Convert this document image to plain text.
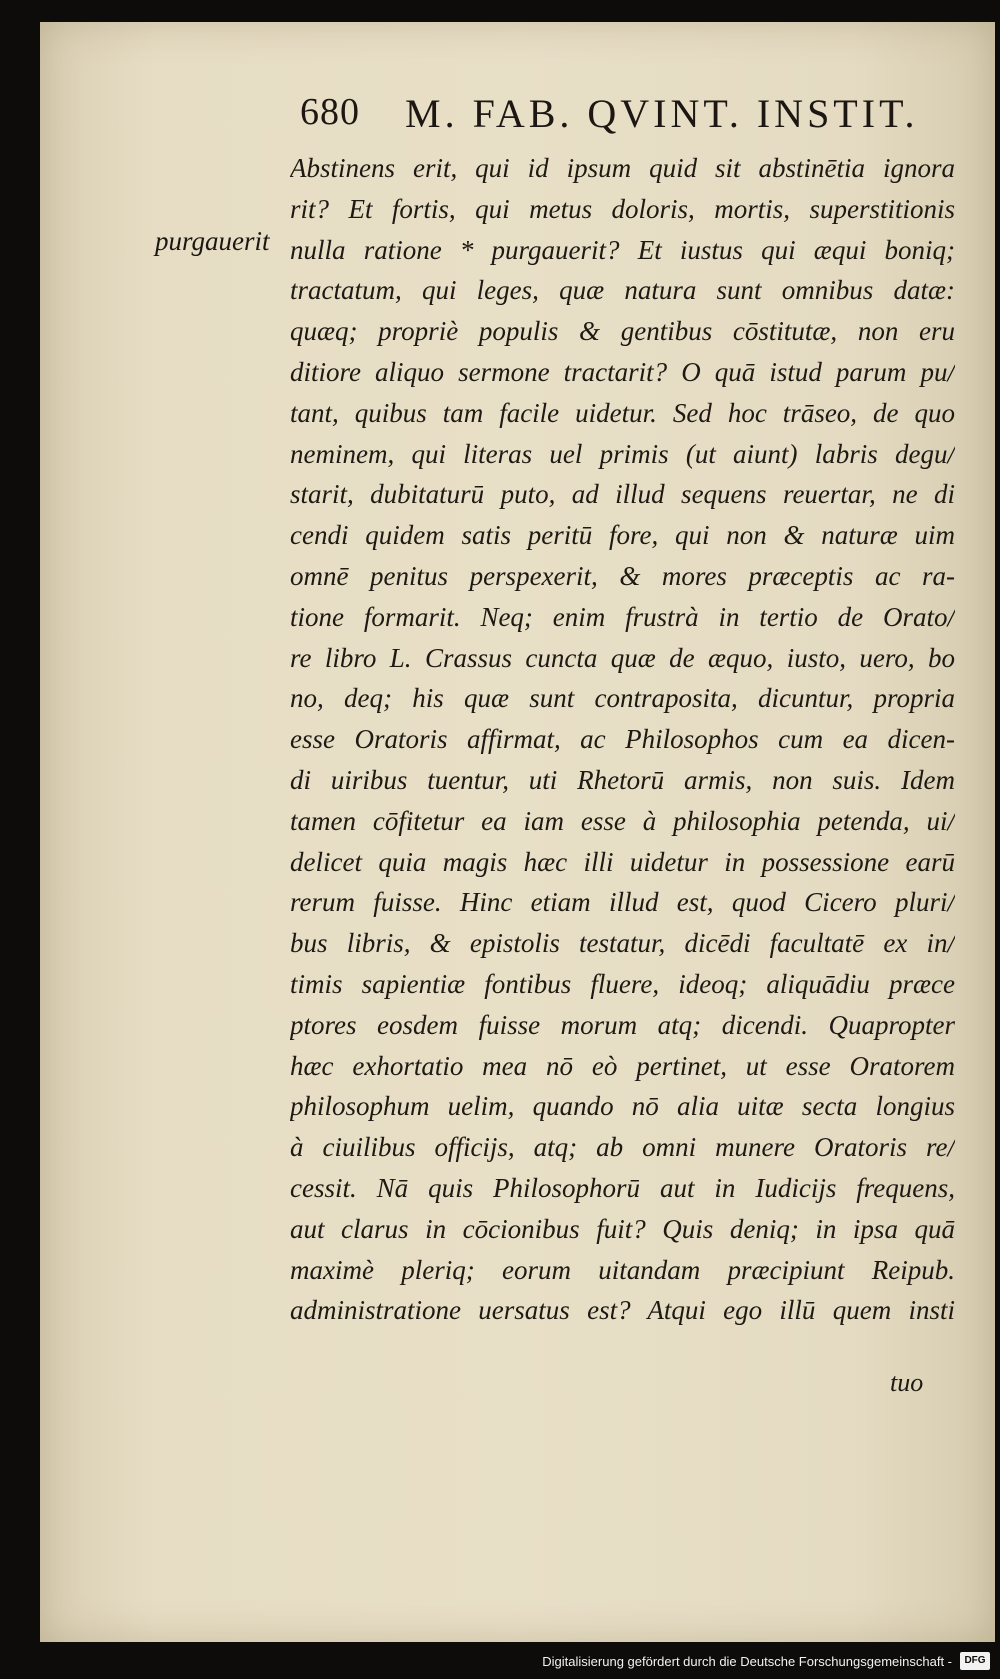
680 M. FAB. QVINT. INSTIT.
purgauerit
Abstinens erit, qui id ipsum quid sit abstinētia ignora
rit? Et fortis, qui metus doloris, mortis, superstitionis
nulla ratione * purgauerit? Et iustus qui æqui boniq;
tractatum, qui leges, quæ natura sunt omnibus datæ:
quæq; propriè populis & gentibus cōstitutæ, non eru
ditiore aliquo sermone tractarit? O quā istud parum pu/
tant, quibus tam facile uidetur. Sed hoc trāseo, de quo
neminem, qui literas uel primis (ut aiunt) labris degu/
starit, dubitaturū puto, ad illud sequens reuertar, ne di
cendi quidem satis peritū fore, qui non & naturæ uim
omnē penitus perspexerit, & mores præceptis ac ra-
tione formarit. Neq; enim frustrà in tertio de Orato/
re libro L. Crassus cuncta quæ de æquo, iusto, uero, bo
no, deq; his quæ sunt contraposita, dicuntur, propria
esse Oratoris affirmat, ac Philosophos cum ea dicen-
di uiribus tuentur, uti Rhetorū armis, non suis. Idem
tamen cōfitetur ea iam esse à philosophia petenda, ui/
delicet quia magis hæc illi uidetur in possessione earū
rerum fuisse. Hinc etiam illud est, quod Cicero pluri/
bus libris, & epistolis testatur, dicēdi facultatē ex in/
timis sapientiæ fontibus fluere, ideoq; aliquādiu præce
ptores eosdem fuisse morum atq; dicendi. Quapropter
hæc exhortatio mea nō eò pertinet, ut esse Oratorem
philosophum uelim, quando nō alia uitæ secta longius
à ciuilibus officijs, atq; ab omni munere Oratoris re/
cessit. Nā quis Philosophorū aut in Iudicijs frequens,
aut clarus in cōcionibus fuit? Quis deniq; in ipsa quā
maximè pleriq; eorum uitandam præcipiunt Reipub.
administratione uersatus est? Atqui ego illū quem insti
tuo
Digitalisierung gefördert durch die Deutsche Forschungsgemeinschaft -	DFG
